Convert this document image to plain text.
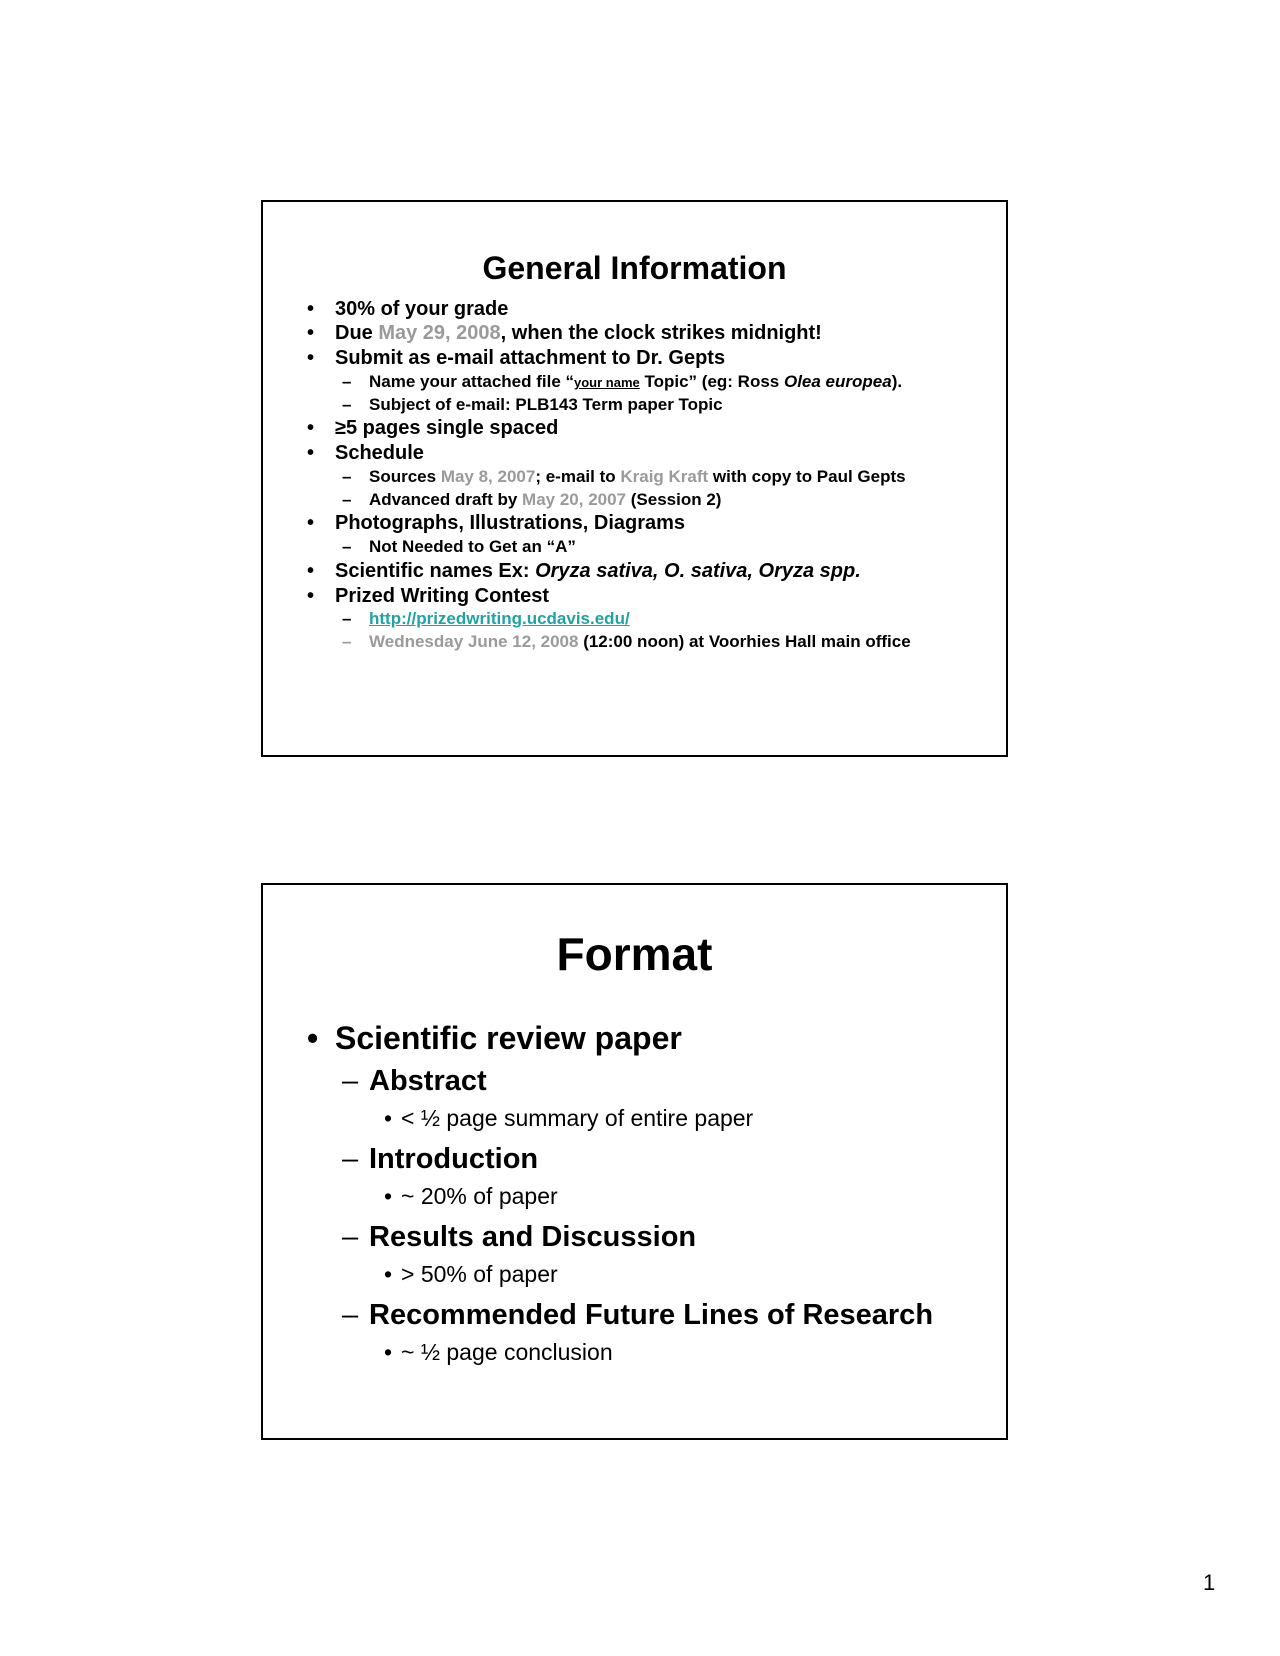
General Information
• 30% of your grade
• Due May 29, 2008, when the clock strikes midnight!
• Submit as e-mail attachment to Dr. Gepts
– Name your attached file “your name Topic” (eg: Ross Olea europea).
– Subject of e-mail: PLB143 Term paper Topic
• ≥5 pages single spaced
• Schedule
– Sources May 8, 2007; e-mail to Kraig Kraft with copy to Paul Gepts
– Advanced draft by May 20, 2007 (Session 2)
• Photographs, Illustrations, Diagrams
– Not Needed to Get an “A”
• Scientific names Ex: Oryza sativa, O. sativa, Oryza spp.
• Prized Writing Contest
– http://prizedwriting.ucdavis.edu/
– Wednesday June 12, 2008 (12:00 noon) at Voorhies Hall main office
Format
• Scientific review paper
– Abstract
• < ½ page summary of entire paper
– Introduction
• ~ 20% of paper
– Results and Discussion
• > 50% of paper
– Recommended Future Lines of Research
• ~ ½ page conclusion
1
